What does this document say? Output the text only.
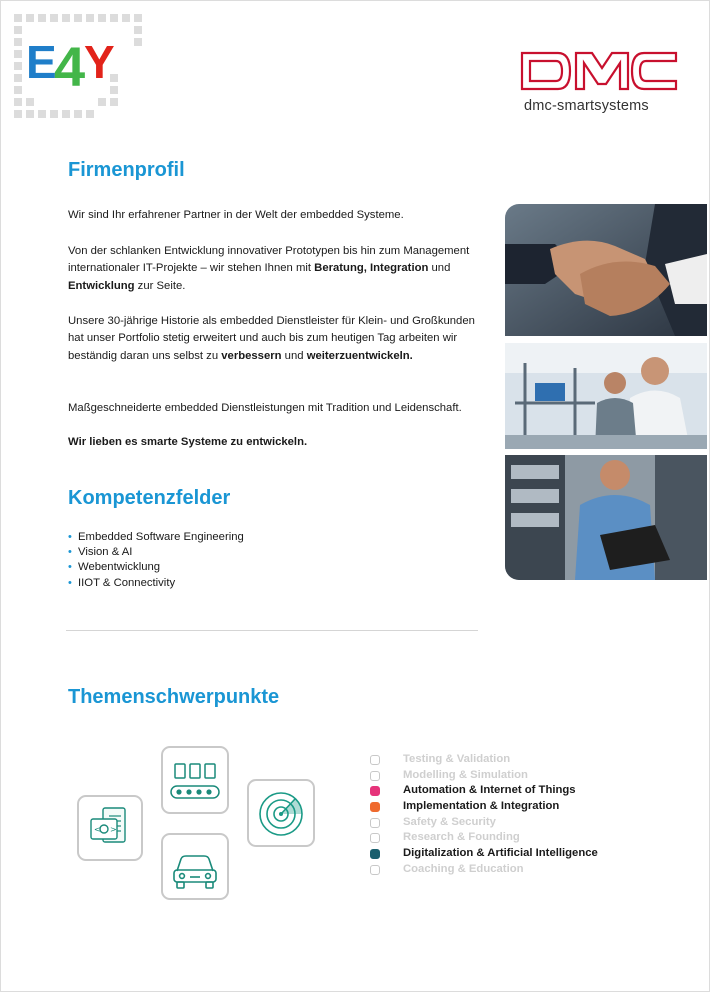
E 4 Y
dmc-smartsystems
Firmenprofil
Wir sind Ihr erfahrener Partner in der Welt der embedded Systeme.
Von der schlanken Entwicklung innovativer Prototypen bis hin zum Management internationaler IT-Projekte – wir stehen Ihnen mit Beratung, Integration und Entwicklung zur Seite.
Unsere 30-jährige Historie als embedded Dienstleister für Klein- und Großkunden hat unser Portfolio stetig erweitert und auch bis zum heutigen Tag arbeiten wir beständig daran uns selbst zu verbessern und weiterzuentwickeln.
Maßgeschneiderte embedded Dienstleistungen mit Tradition und Leidenschaft.
Wir lieben es smarte Systeme zu entwickeln.
Kompetenzfelder
• Embedded Software Engineering
• Vision & AI
• Webentwicklung
• IIOT & Connectivity
Themenschwerpunkte
< >
Testing & Validation
Modelling & Simulation
Automation & Internet of Things
Implementation & Integration
Safety & Security
Research & Founding
Digitalization & Artificial Intelligence
Coaching & Education
